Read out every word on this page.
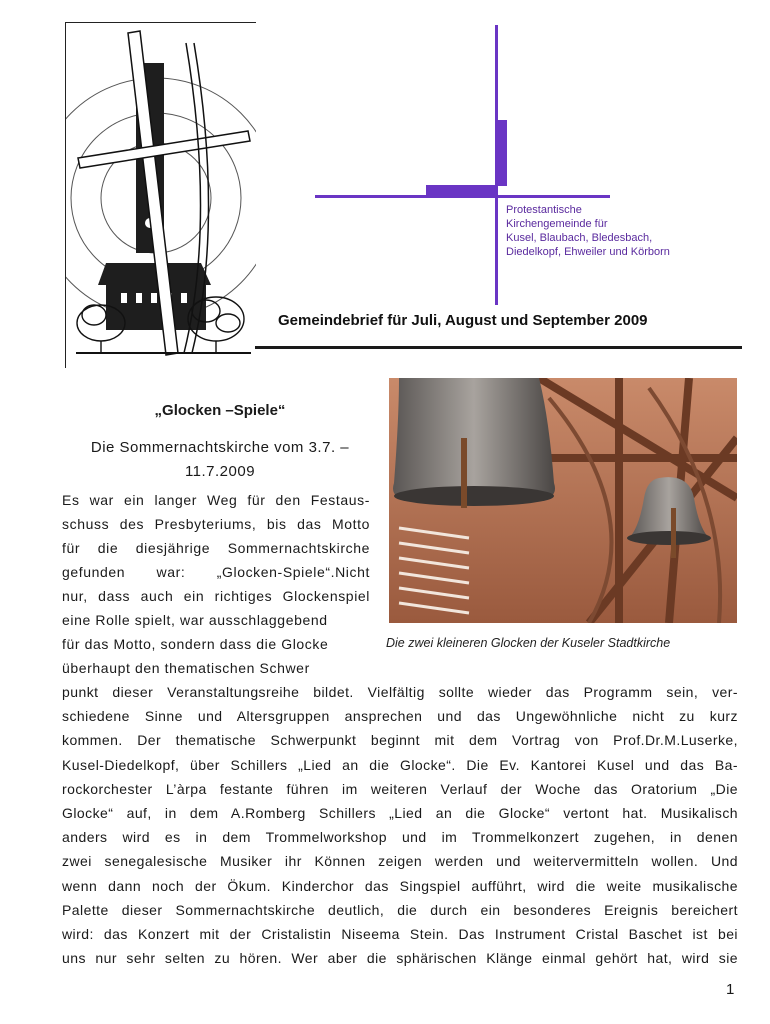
Protestantische
Kirchengemeinde für
Kusel, Blaubach, Bledesbach,
Diedelkopf, Ehweiler und Körborn
Gemeindebrief für Juli, August und September 2009
„Glocken –Spiele“
Die Sommernachtskirche vom 3.7. –
11.7.2009
Es war ein langer Weg für den Festaus-
schuss des Presbyteriums, bis das Motto
für die diesjährige Sommernachtskirche
gefunden war: „Glocken-Spiele“.Nicht
nur, dass auch ein richtiges Glockenspiel
eine Rolle spielt, war ausschlaggebend
für das Motto, sondern dass die Glocke
überhaupt den thematischen Schwer
Die zwei kleineren Glocken der Kuseler Stadtkirche
punkt dieser Veranstaltungsreihe bildet. Vielfältig sollte wieder das Programm sein, ver-
schiedene Sinne und Altersgruppen ansprechen und das Ungewöhnliche nicht zu kurz
kommen. Der thematische Schwerpunkt beginnt mit dem Vortrag von Prof.Dr.M.Luserke,
Kusel-Diedelkopf, über Schillers „Lied an die Glocke“. Die Ev. Kantorei Kusel und das Ba-
rockorchester L’àrpa festante führen im weiteren Verlauf der Woche das Oratorium „Die
Glocke“ auf, in dem A.Romberg Schillers „Lied an die Glocke“ vertont hat. Musikalisch
anders wird es in dem Trommelworkshop und im Trommelkonzert zugehen, in denen
zwei senegalesische Musiker ihr Können zeigen werden und weitervermitteln wollen. Und
wenn dann noch der Ökum. Kinderchor das Singspiel aufführt, wird die weite musikalische
Palette dieser Sommernachtskirche deutlich, die durch ein besonderes Ereignis bereichert
wird: das Konzert mit der Cristalistin Niseema Stein. Das Instrument Cristal Baschet ist bei
uns nur sehr selten zu hören. Wer aber die sphärischen Klänge einmal gehört hat, wird sie
1
